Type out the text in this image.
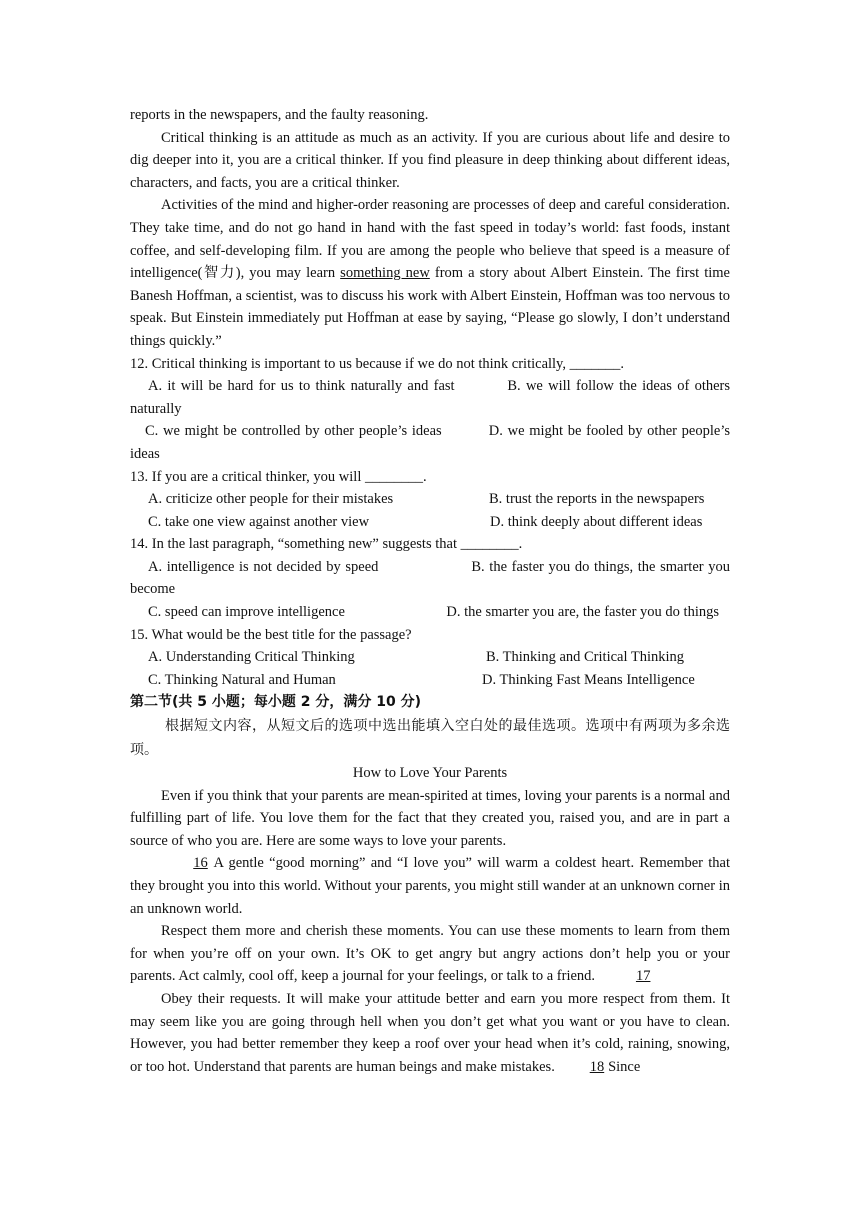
reports in the newspapers, and the faulty reasoning.

Critical thinking is an attitude as much as an activity. If you are curious about life and desire to dig deeper into it, you are a critical thinker. If you find pleasure in deep thinking about different ideas, characters, and facts, you are a critical thinker.

Activities of the mind and higher-order reasoning are processes of deep and careful consideration. They take time, and do not go hand in hand with the fast speed in today’s world: fast foods, instant coffee, and self-developing film. If you are among the people who believe that speed is a measure of intelligence(智力), you may learn something new from a story about Albert Einstein. The first time Banesh Hoffman, a scientist, was to discuss his work with Albert Einstein, Hoffman was too nervous to speak. But Einstein immediately put Hoffman at ease by saying, “Please go slowly, I don’t understand things quickly.”

12. Critical thinking is important to us because if we do not think critically, _______.

A. it will be hard for us to think naturally and fast          B. we will follow the ideas of others naturally

C. we might be controlled by other people’s ideas          D. we might be fooled by other people’s ideas

13. If you are a critical thinker, you will ________.

A. criticize other people for their mistakes	B. trust the reports in the newspapers
C. take one view against another view	D. think deeply about different ideas

14. In the last paragraph, “something new” suggests that ________.

A. intelligence is not decided by speed                    B. the faster you do things, the smarter you become

C. speed can improve intelligence                            D. the smarter you are, the faster you do things

15. What would be the best title for the passage?

A. Understanding Critical Thinking	B. Thinking and Critical Thinking
C. Thinking Natural and Human	D. Thinking Fast Means Intelligence

第二节(共 5 小题；每小题 2 分，满分 10 分)

根据短文内容，从短文后的选项中选出能填入空白处的最佳选项。选项中有两项为多余选项。

How to Love Your Parents

Even if you think that your parents are mean-spirited at times, loving your parents is a normal and fulfilling part of life. You love them for the fact that they created you, raised you, and are in part a source of who you are. Here are some ways to love your parents.

16 A gentle “good morning” and “I love you” will warm a coldest heart. Remember that they brought you into this world. Without your parents, you might still wander at an unknown corner in an unknown world.

Respect them more and cherish these moments. You can use these moments to learn from them for when you’re off on your own. It’s OK to get angry but angry actions don’t help you or your parents. Act calmly, cool off, keep a journal for your feelings, or talk to a friend.	17

Obey their requests. It will make your attitude better and earn you more respect from them. It may seem like you are going through hell when you don’t get what you want or you have to clean. However, you had better remember they keep a roof over your head when it’s cold, raining, snowing, or too hot. Understand that parents are human beings and make mistakes. 18 Since
